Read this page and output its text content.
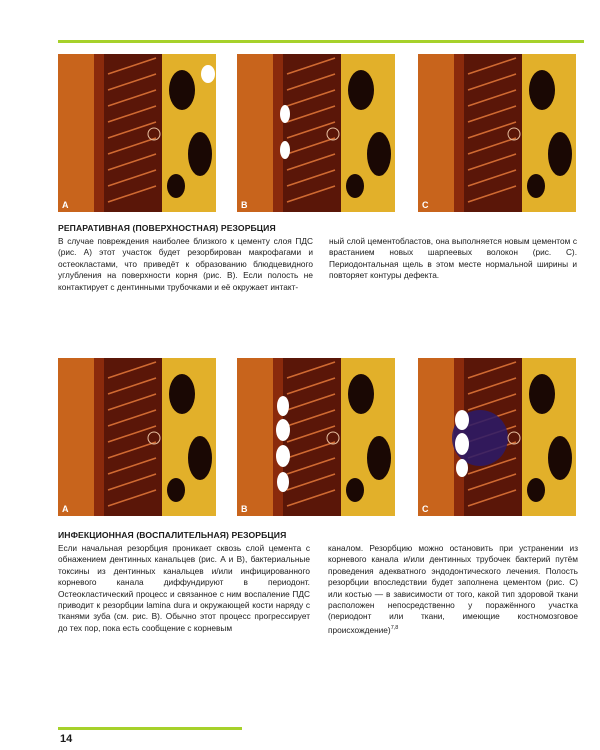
A	B	C
РЕПАРАТИВНАЯ (ПОВЕРХНОСТНАЯ) РЕЗОРБЦИЯ

В случае повреждения наиболее близкого к цементу слоя ПДС (рис. A) этот участок будет резорбирован макрофагами и остеокластами, что приведёт к образованию блюдцевидного углубления на поверхности корня (рис. B). Если полость не контактирует с дентинными трубочками и её окружает интакт-

ный слой цементобластов, она выполняется новым цементом с врастанием новых шарпеевых волокон (рис. C). Периодонтальная щель в этом месте нормальной ширины и повторяет контуры дефекта.

A	B	C
ИНФЕКЦИОННАЯ (ВОСПАЛИТЕЛЬНАЯ) РЕЗОРБЦИЯ

Если начальная резорбция проникает сквозь слой цемента с обнажением дентинных канальцев (рис. A и B), бактериальные токсины из дентинных канальцев и/или инфицированного корневого канала диффундируют в периодонт. Остеокластический процесс и связанное с ним воспаление ПДС приводит к резорбции lamina dura и окружающей кости наряду с тканями зуба (см. рис. B). Обычно этот процесс прогрессирует до тех пор, пока есть сообщение с корневым

каналом. Резорбцию можно остановить при устранении из корневого канала и/или дентинных трубочек бактерий путём проведения адекватного эндодонтического лечения. Полость резорбции впоследствии будет заполнена цементом (рис. C) или костью — в зависимости от того, какой тип здоровой ткани расположен непосредственно у поражённого участка (периодонт или ткани, имеющие костномозговое происхождение)$^{7,8}$

14
